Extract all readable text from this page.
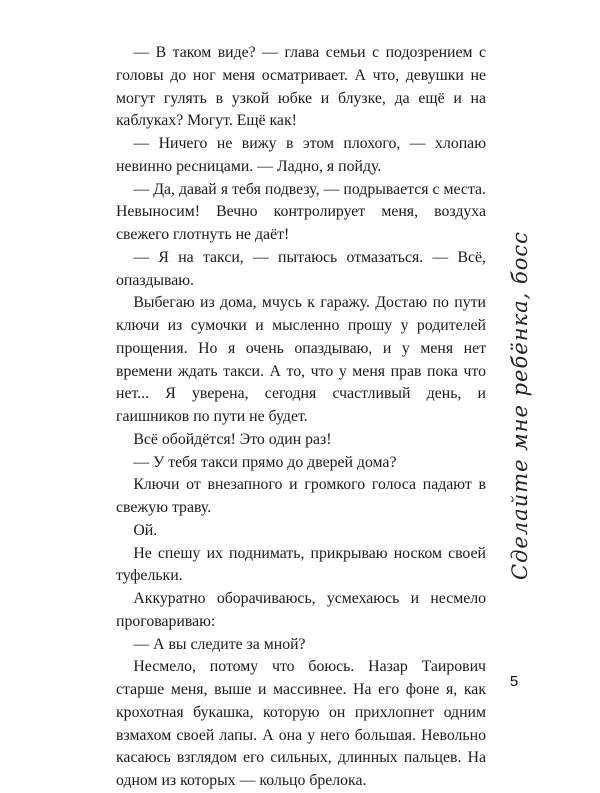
— В таком виде? — глава семьи с подозрением с головы до ног меня осматривает. А что, девушки не могут гулять в узкой юбке и блузке, да ещё и на каблуках? Могут. Ещё как!

— Ничего не вижу в этом плохого, — хлопаю невинно ресницами. — Ладно, я пойду.

— Да, давай я тебя подвезу, — подрывается с места. Невыносим! Вечно контролирует меня, воздуха свежего глотнуть не даёт!

— Я на такси, — пытаюсь отмазаться. — Всё, опаздываю.

Выбегаю из дома, мчусь к гаражу. Достаю по пути ключи из сумочки и мысленно прошу у родителей прощения. Но я очень опаздываю, и у меня нет времени ждать такси. А то, что у меня прав пока что нет... Я уверена, сегодня счастливый день, и гаишников по пути не будет.

Всё обойдётся! Это один раз!

— У тебя такси прямо до дверей дома?

Ключи от внезапного и громкого голоса падают в свежую траву.

Ой.

Не спешу их поднимать, прикрываю носком своей туфельки.

Аккуратно оборачиваюсь, усмехаюсь и несмело проговариваю:

— А вы следите за мной?

Несмело, потому что боюсь. Назар Таирович старше меня, выше и массивнее. На его фоне я, как крохотная букашка, которую он прихлопнет одним взмахом своей лапы. А она у него большая. Невольно касаюсь взглядом его сильных, длинных пальцев. На одном из которых — кольцо брелока.

Сделайте мне ребёнка, босс
5
